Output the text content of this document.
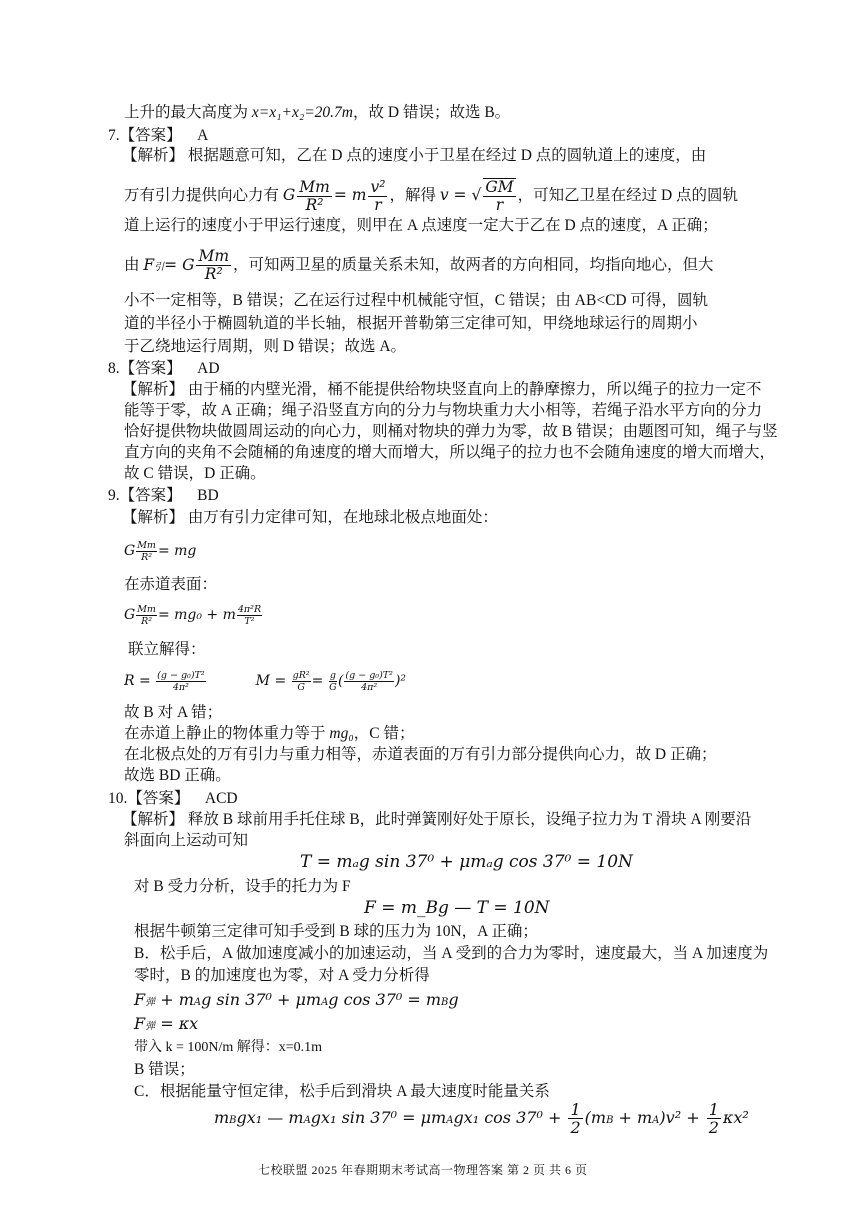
上升的最大高度为 x=x₁+x₂=20.7m，故 D 错误；故选 B。
7.【答案】 A
【解析】 根据题意可知，乙在 D 点的速度小于卫星在经过 D 点的圆轨道上的速度，由
万有引力提供向心力有 G $\frac{Mm}{\text{R²}} = m \frac{\text{v²}}{r}$ ，解得 v = √ $\frac{GM}{r}$ ，可知乙卫星在经过 D 点的圆轨
道上运行的速度小于甲运行速度，则甲在 A 点速度一定大于乙在 D 点的速度，A 正确；
由 F引= G $\frac{Mm}{\text{R²}}$ ，可知两卫星的质量关系未知，故两者的方向相同，均指向地心，但大
小不一定相等，B 错误；乙在运行过程中机械能守恒，C 错误；由 AB<CD 可得，圆轨
道的半径小于椭圆轨道的半长轴，根据开普勒第三定律可知，甲绕地球运行的周期小
于乙绕地运行周期，则 D 错误；故选 A。
8.【答案】 AD
【解析】 由于桶的内壁光滑，桶不能提供给物块竖直向上的静摩擦力，所以绳子的拉力一定不
能等于零，故 A 正确；绳子沿竖直方向的分力与物块重力大小相等，若绳子沿水平方向的分力
恰好提供物块做圆周运动的向心力，则桶对物块的弹力为零，故 B 错误；由题图可知，绳子与竖
直方向的夹角不会随桶的角速度的增大而增大，所以绳子的拉力也不会随角速度的增大而增大，
故 C 错误，D 正确。
9.【答案】 BD
【解析】 由万有引力定律可知，在地球北极点地面处：
G $\frac{Mm}{\text{R²}}$ = mg
在赤道表面：
G $\frac{Mm}{\text{R²}} = mg_0 + m \frac{\text{4π²R}}{\text{T²}}$
联立解得：
$R = \frac{\text{(g − g₀)T²}}{\text{4π²}}$ $M = \frac{\text{gR²}}{G} = \frac{g}{G}$ ( $\frac{\text{(g − g₀)T²}}{\text{4π²}} )^2$
故 B 对 A 错；
在赤道上静止的物体重力等于 mg₀，C 错；
在北极点处的万有引力与重力相等，赤道表面的万有引力部分提供向心力，故 D 正确；
故选 BD 正确。
10.【答案】 ACD
【解析】 释放 B 球前用手托住球 B，此时弹簧刚好处于原长，设绳子拉力为 T 滑块 A 刚要沿
斜面向上运动可知
T = mₐg sin 37⁰ + μmₐg cos 37⁰ = 10N
对 B 受力分析，设手的托力为 F
F = m_Bg — T = 10N
根据牛顿第三定律可知手受到 B 球的压力为 10N，A 正确；
B．松手后，A 做加速度减小的加速运动，当 A 受到的合力为零时，速度最大，当 A 加速度为
零时，B 的加速度也为零，对 A 受力分析得
F弹 + mAg sin 37⁰ + μmAg cos 37⁰ = mBg
F弹 = κx
带入 k = 100N/m 解得：x=0.1m
B 错误；
C．根据能量守恒定律，松手后到滑块 A 最大速度时能量关系
mBgx₁ — mAgx₁ sin 37⁰ = μmAgx₁ $\cos 37^0 + \frac{1}{2} (mB + mA)v^2 + \frac{1}{2} \kappa x^2$
七校联盟 2025 年春期期末考试高一物理答案 第 2 页 共 6 页
